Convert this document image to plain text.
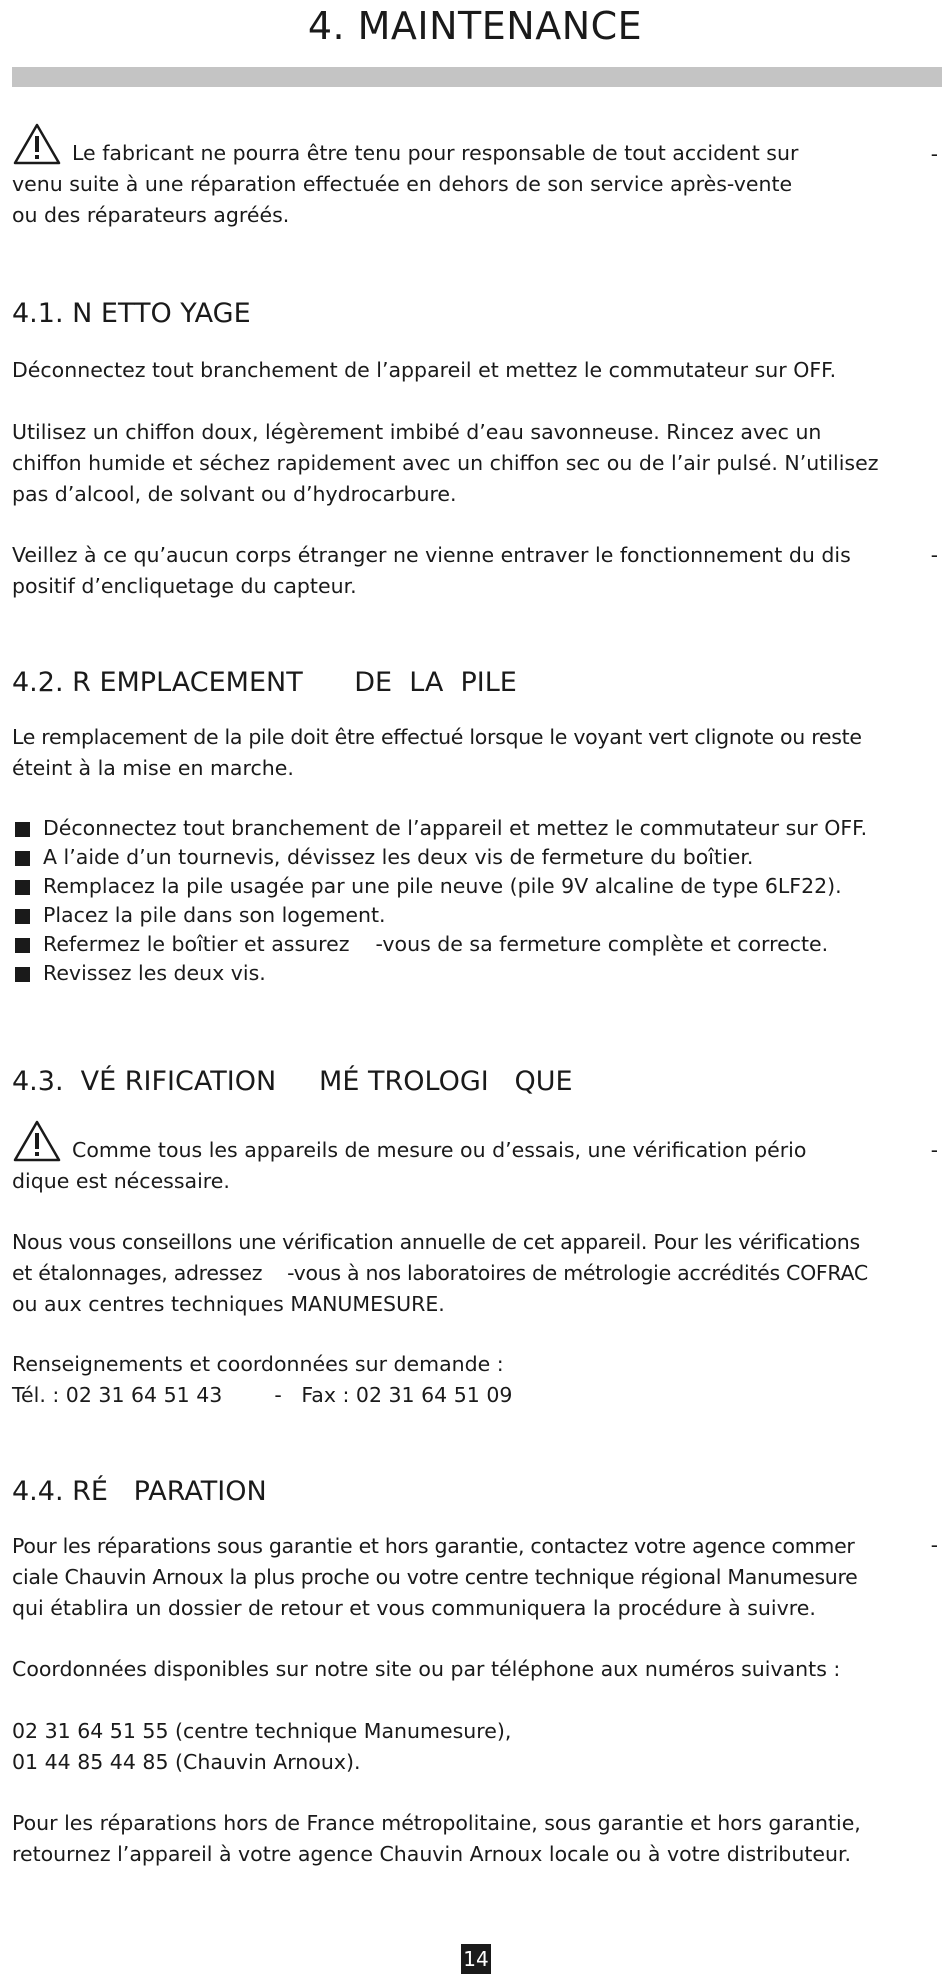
4. MAINTENANCE

Le fabricant ne pourra être tenu pour responsable de tout accident sur

venu suite à une réparation effectuée en dehors de son service après-vente

ou des réparateurs agréés.

-
4.1. N ETTO YAGE

Déconnectez tout branchement de l’appareil et mettez le commutateur sur OFF.

Utilisez un chiffon doux, légèrement imbibé d’eau savonneuse. Rincez avec un

chiffon humide et séchez rapidement avec un chiffon sec ou de l’air pulsé. N’utilisez

pas d’alcool, de solvant ou d’hydrocarbure.

Veillez à ce qu’aucun corps étranger ne vienne entraver le fonctionnement du dis

positif d’encliquetage du capteur.

-
4.2. R EMPLACEMENT      DE  LA  PILE

Le remplacement de la pile doit être effectué lorsque le voyant vert clignote ou reste

éteint à la mise en marche.

Déconnectez tout branchement de l’appareil et mettez le commutateur sur OFF.
A l’aide d’un tournevis, dévissez les deux vis de fermeture du boîtier.
Remplacez la pile usagée par une pile neuve (pile 9V alcaline de type 6LF22).
Placez la pile dans son logement.
Refermez le boîtier et assurez    -vous de sa fermeture complète et correcte.
Revissez les deux vis.
4.3.  VÉ RIFICATION     MÉ TROLOGI   QUE

Comme tous les appareils de mesure ou d’essais, une vérification pério

dique est nécessaire.

-

Nous vous conseillons une vérification annuelle de cet appareil. Pour les vérifications

et étalonnages, adressez    -vous à nos laboratoires de métrologie accrédités COFRAC

ou aux centres techniques MANUMESURE.

Renseignements et coordonnées sur demande :

Tél. : 02 31 64 51 43        -   Fax : 02 31 64 51 09

4.4. RÉ   PARATION

Pour les réparations sous garantie et hors garantie, contactez votre agence commer

ciale Chauvin Arnoux la plus proche ou votre centre technique régional Manumesure

qui établira un dossier de retour et vous communiquera la procédure à suivre.

-

Coordonnées disponibles sur notre site ou par téléphone aux numéros suivants :

02 31 64 51 55 (centre technique Manumesure),

01 44 85 44 85 (Chauvin Arnoux).

Pour les réparations hors de France métropolitaine, sous garantie et hors garantie,

retournez l’appareil à votre agence Chauvin Arnoux locale ou à votre distributeur.

14
